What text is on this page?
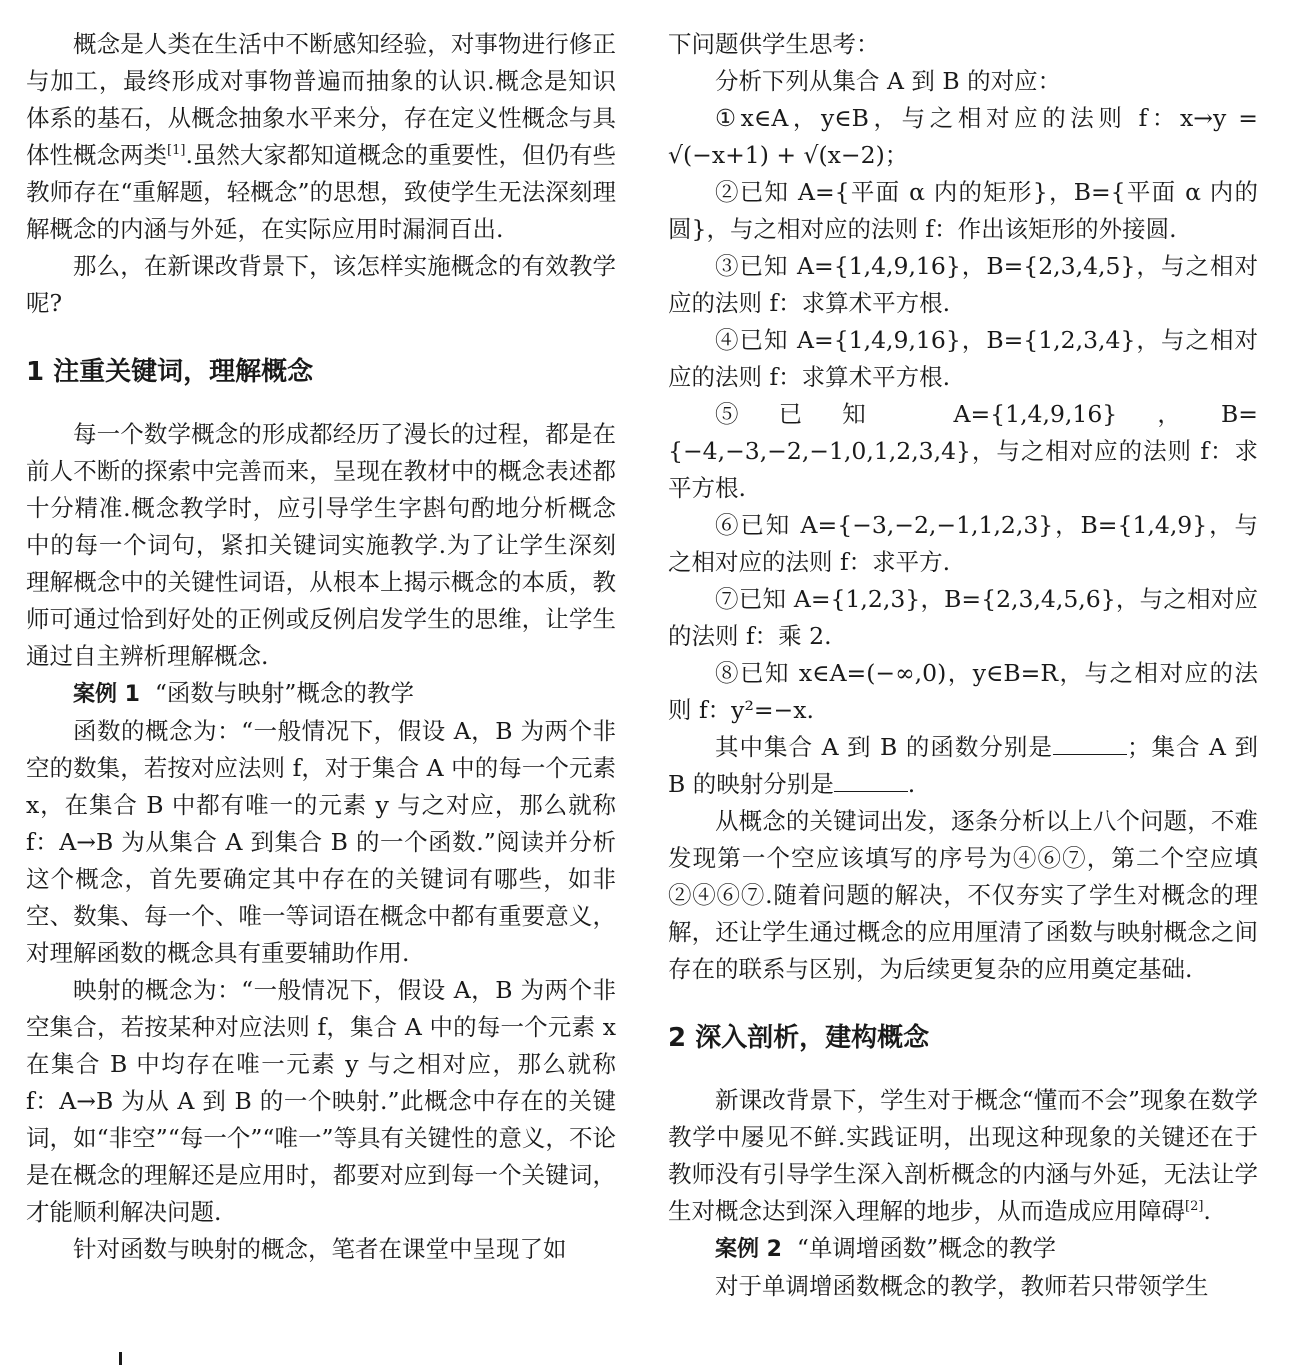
概念是人类在生活中不断感知经验，对事物进行修正与加工，最终形成对事物普遍而抽象的认识.概念是知识体系的基石，从概念抽象水平来分，存在定义性概念与具体性概念两类[1].虽然大家都知道概念的重要性，但仍有些教师存在“重解题，轻概念”的思想，致使学生无法深刻理解概念的内涵与外延，在实际应用时漏洞百出.

那么，在新课改背景下，该怎样实施概念的有效教学呢?

1 注重关键词，理解概念

每一个数学概念的形成都经历了漫长的过程，都是在前人不断的探索中完善而来，呈现在教材中的概念表述都十分精准.概念教学时，应引导学生字斟句酌地分析概念中的每一个词句，紧扣关键词实施教学.为了让学生深刻理解概念中的关键性词语，从根本上揭示概念的本质，教师可通过恰到好处的正例或反例启发学生的思维，让学生通过自主辨析理解概念.

案例 1 “函数与映射”概念的教学

函数的概念为：“一般情况下，假设 A，B 为两个非空的数集，若按对应法则 f，对于集合 A 中的每一个元素 x，在集合 B 中都有唯一的元素 y 与之对应，那么就称 f：A→B 为从集合 A 到集合 B 的一个函数.”阅读并分析这个概念，首先要确定其中存在的关键词有哪些，如非空、数集、每一个、唯一等词语在概念中都有重要意义，对理解函数的概念具有重要辅助作用.

映射的概念为：“一般情况下，假设 A，B 为两个非空集合，若按某种对应法则 f，集合 A 中的每一个元素 x 在集合 B 中均存在唯一元素 y 与之相对应，那么就称 f：A→B 为从 A 到 B 的一个映射.”此概念中存在的关键词，如“非空”“每一个”“唯一”等具有关键性的意义，不论是在概念的理解还是应用时，都要对应到每一个关键词，才能顺利解决问题.

针对函数与映射的概念，笔者在课堂中呈现了如

下问题供学生思考：

分析下列从集合 A 到 B 的对应：

①x∈A，y∈B，与之相对应的法则 f：x→y = √(−x+1) + √(x−2)；

②已知 A={平面 α 内的矩形}，B={平面 α 内的圆}，与之相对应的法则 f：作出该矩形的外接圆.

③已知 A={1,4,9,16}，B={2,3,4,5}，与之相对应的法则 f：求算术平方根.

④已知 A={1,4,9,16}，B={1,2,3,4}，与之相对应的法则 f：求算术平方根.

⑤已知 A={1,4,9,16}，B={−4,−3,−2,−1,0,1,2,3,4}，与之相对应的法则 f：求平方根.

⑥已知 A={−3,−2,−1,1,2,3}，B={1,4,9}，与之相对应的法则 f：求平方.

⑦已知 A={1,2,3}，B={2,3,4,5,6}，与之相对应的法则 f：乘 2.

⑧已知 x∈A=(−∞,0)，y∈B=R，与之相对应的法则 f：y²=−x.

其中集合 A 到 B 的函数分别是	；集合 A 到 B 的映射分别是	.

从概念的关键词出发，逐条分析以上八个问题，不难发现第一个空应该填写的序号为④⑥⑦，第二个空应填②④⑥⑦.随着问题的解决，不仅夯实了学生对概念的理解，还让学生通过概念的应用厘清了函数与映射概念之间存在的联系与区别，为后续更复杂的应用奠定基础.

2 深入剖析，建构概念

新课改背景下，学生对于概念“懂而不会”现象在数学教学中屡见不鲜.实践证明，出现这种现象的关键还在于教师没有引导学生深入剖析概念的内涵与外延，无法让学生对概念达到深入理解的地步，从而造成应用障碍[2].

案例 2 “单调增函数”概念的教学

对于单调增函数概念的教学，教师若只带领学生
